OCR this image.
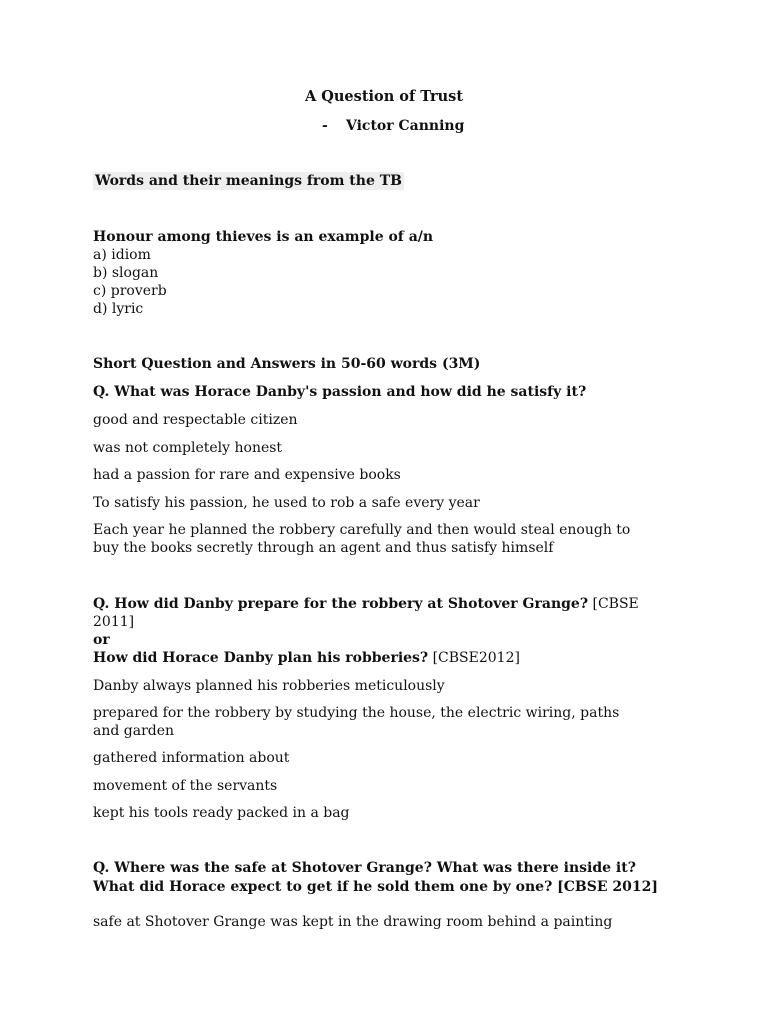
A Question of Trust
- Victor Canning
Words and their meanings from the TB
Honour among thieves is an example of a/n
a) idiom
b) slogan
c) proverb
d) lyric
Short Question and Answers in 50-60 words (3M)
Q. What was Horace Danby's passion and how did he satisfy it?
good and respectable citizen
was not completely honest
had a passion for rare and expensive books
To satisfy his passion, he used to rob a safe every year
Each year he planned the robbery carefully and then would steal enough to
buy the books secretly through an agent and thus satisfy himself
Q. How did Danby prepare for the robbery at Shotover Grange? [CBSE
2011]
or
How did Horace Danby plan his robberies? [CBSE2012]
Danby always planned his robberies meticulously
prepared for the robbery by studying the house, the electric wiring, paths
and garden
gathered information about
movement of the servants
kept his tools ready packed in a bag
Q. Where was the safe at Shotover Grange? What was there inside it?
What did Horace expect to get if he sold them one by one? [CBSE 2012]
safe at Shotover Grange was kept in the drawing room behind a painting
